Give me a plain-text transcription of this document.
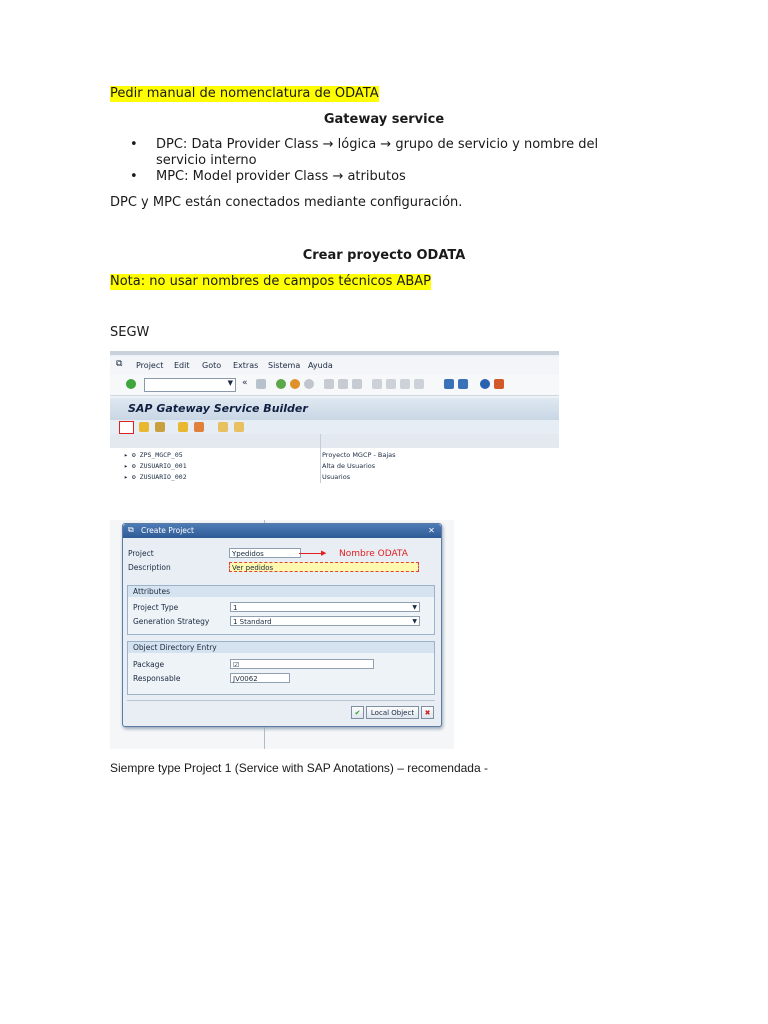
Pedir manual de nomenclatura de ODATA
Gateway service
• DPC: Data Provider Class → lógica → grupo de servicio y nombre del
servicio interno
• MPC: Model provider Class → atributos
DPC y MPC están conectados mediante configuración.
Crear proyecto ODATA
Nota: no usar nombres de campos técnicos ABAP
SEGW
⧉ Project Edit Goto Extras Sistema Ayuda
▼
«
SAP Gateway Service Builder
▸ ⚙ ZPS_MGCP_05	Proyecto MGCP - Bajas
▸ ⚙ ZUSUARIO_001	Alta de Usuarios
▸ ⚙ ZUSUARIO_002	Usuarios
⧉ Create Project	✕
Project	Ypedidos	▶ Nombre ODATA
Description	Ver pedidos
Attributes
Project Type	1	▼
Generation Strategy	1 Standard	▼
Object Directory Entry
Package	☑
Responsable	JV0062
✔	Local Object	✖
Siempre type Project 1 (Service with SAP Anotations) – recomendada -
